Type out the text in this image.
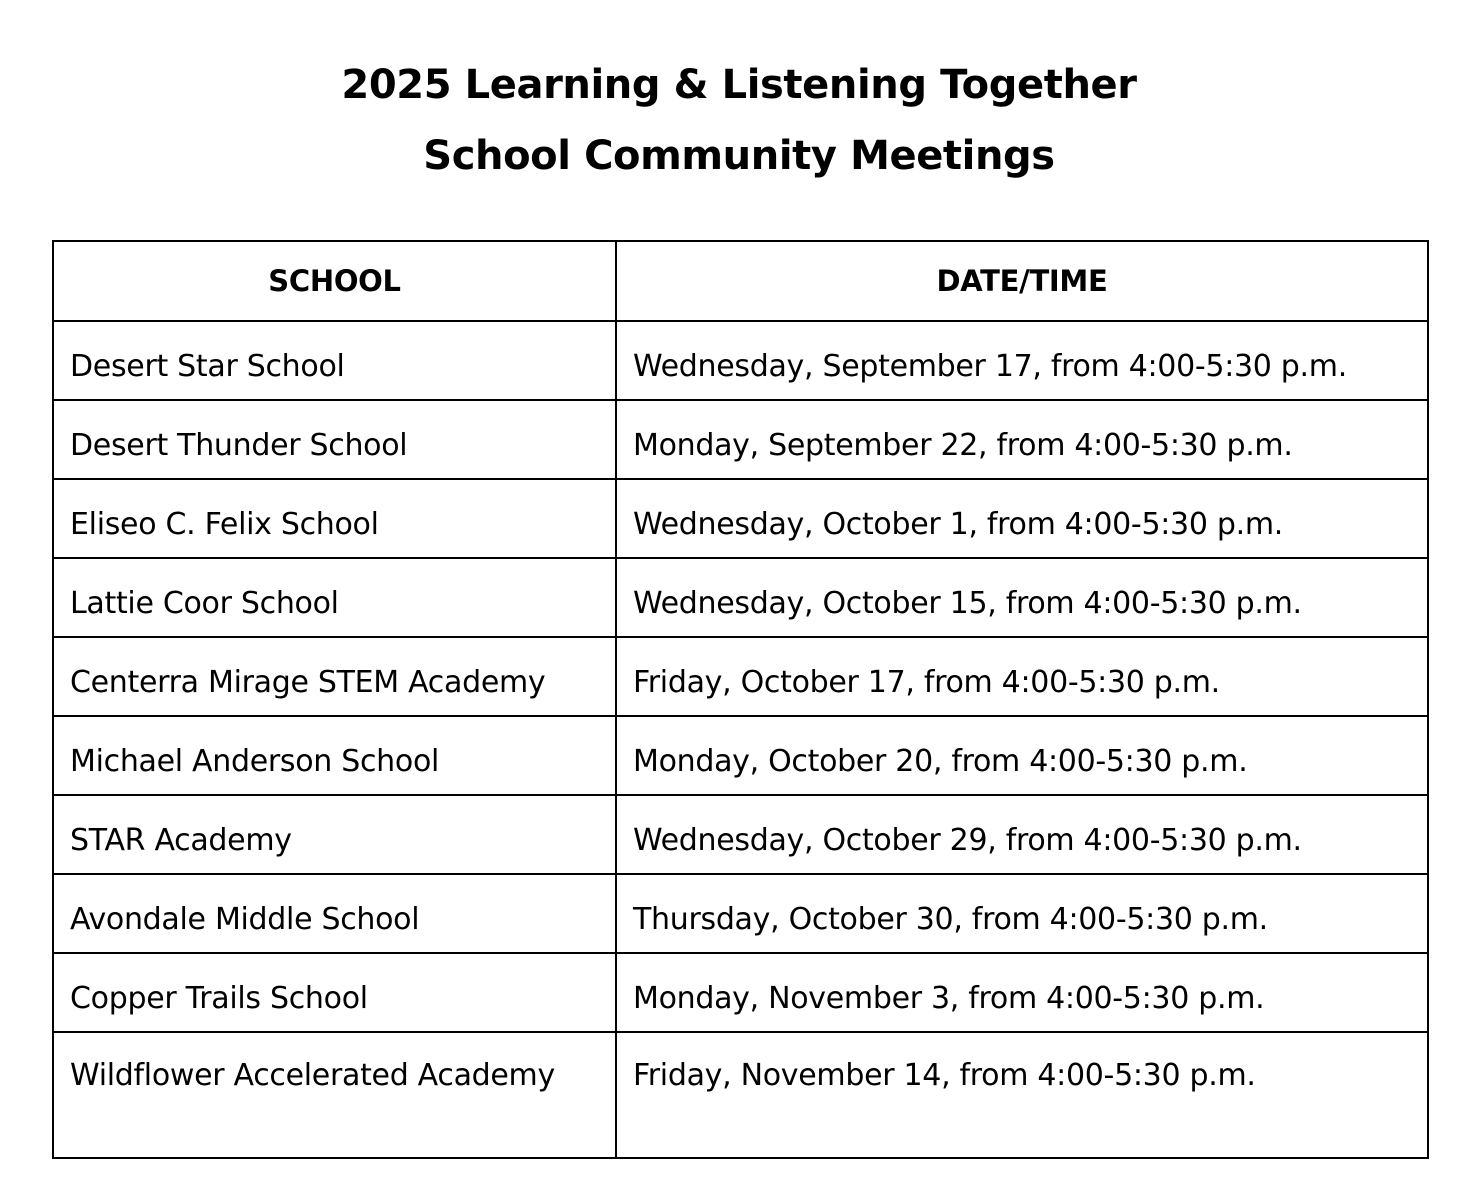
2025 Learning & Listening Together

School Community Meetings

SCHOOL	DATE/TIME
Desert Star School	Wednesday, September 17, from 4:00-5:30 p.m.
Desert Thunder School	Monday, September 22, from 4:00-5:30 p.m.
Eliseo C. Felix School	Wednesday, October 1, from 4:00-5:30 p.m.
Lattie Coor School	Wednesday, October 15, from 4:00-5:30 p.m.
Centerra Mirage STEM Academy	Friday, October 17, from 4:00-5:30 p.m.
Michael Anderson School	Monday, October 20, from 4:00-5:30 p.m.
STAR Academy	Wednesday, October 29, from 4:00-5:30 p.m.
Avondale Middle School	Thursday, October 30, from 4:00-5:30 p.m.
Copper Trails School	Monday, November 3, from 4:00-5:30 p.m.
Wildflower Accelerated Academy	Friday, November 14, from 4:00-5:30 p.m.
